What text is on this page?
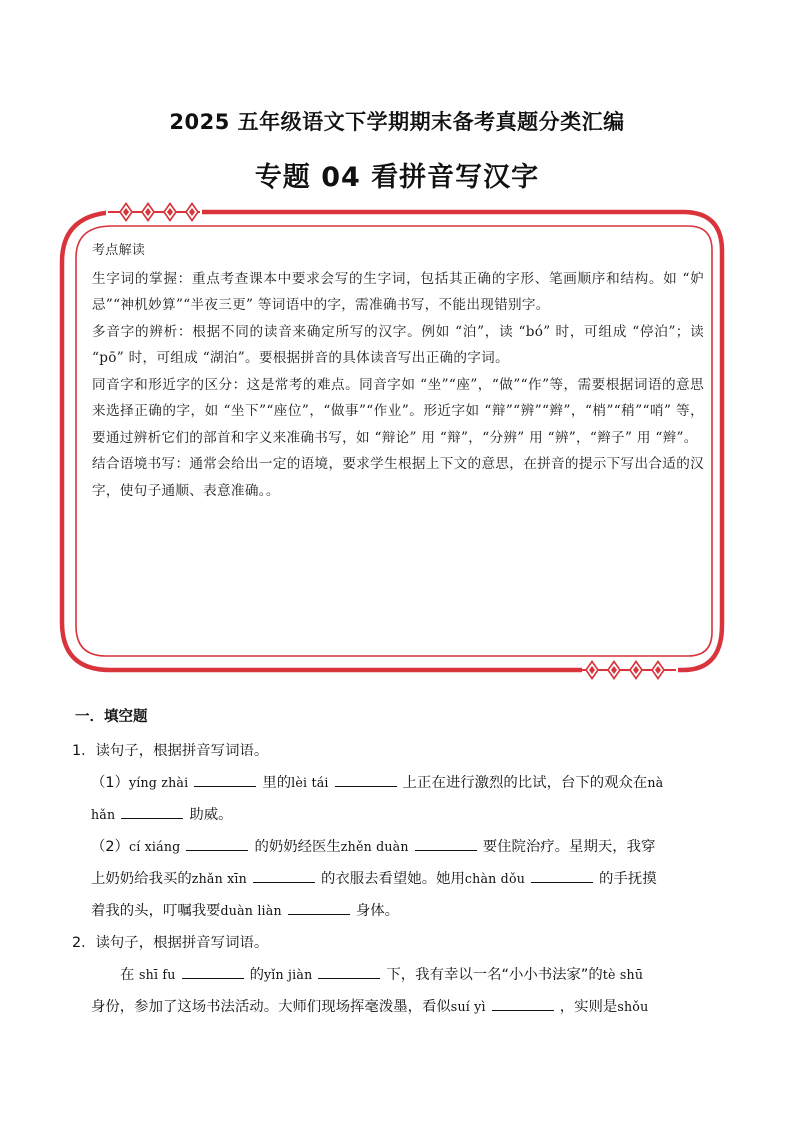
2025 五年级语文下学期期末备考真题分类汇编
专题 04 看拼音写汉字

考点解读

生字词的掌握：重点考查课本中要求会写的生字词，包括其正确的字形、笔画顺序和结构。如 “妒忌”“神机妙算”“半夜三更” 等词语中的字，需准确书写，不能出现错别字。

多音字的辨析：根据不同的读音来确定所写的汉字。例如 “泊”，读 “bó” 时，可组成 “停泊”；读 “pō” 时，可组成 “湖泊”。要根据拼音的具体读音写出正确的字词。

同音字和形近字的区分：这是常考的难点。同音字如 “坐”“座”，“做”“作”等，需要根据词语的意思来选择正确的字，如 “坐下”“座位”，“做事”“作业”。形近字如 “辩”“辨”“辫”，“梢”“稍”“哨” 等，要通过辨析它们的部首和字义来准确书写，如 “辩论” 用 “辩”，“分辨” 用 “辨”，“辫子” 用 “辫”。

结合语境书写：通常会给出一定的语境，要求学生根据上下文的意思，在拼音的提示下写出合适的汉字，使句子通顺、表意准确。。

一．填空题

1．读句子，根据拼音写词语。

（1）yíng zhài	里的lèi tái	上正在进行激烈的比试，台下的观众在nà

hǎn	助威。

（2）cí xiáng	的奶奶经医生zhěn duàn	要住院治疗。星期天，我穿

上奶奶给我买的zhǎn xīn	的衣服去看望她。她用chàn dǒu	的手抚摸

着我的头，叮嘱我要duàn liàn	身体。

2．读句子，根据拼音写词语。

在 shī fu	的yǐn jiàn	下，我有幸以一名“小小书法家”的tè shū

身份，参加了这场书法活动。大师们现场挥毫泼墨，看似suí yì	，实则是shǒu
